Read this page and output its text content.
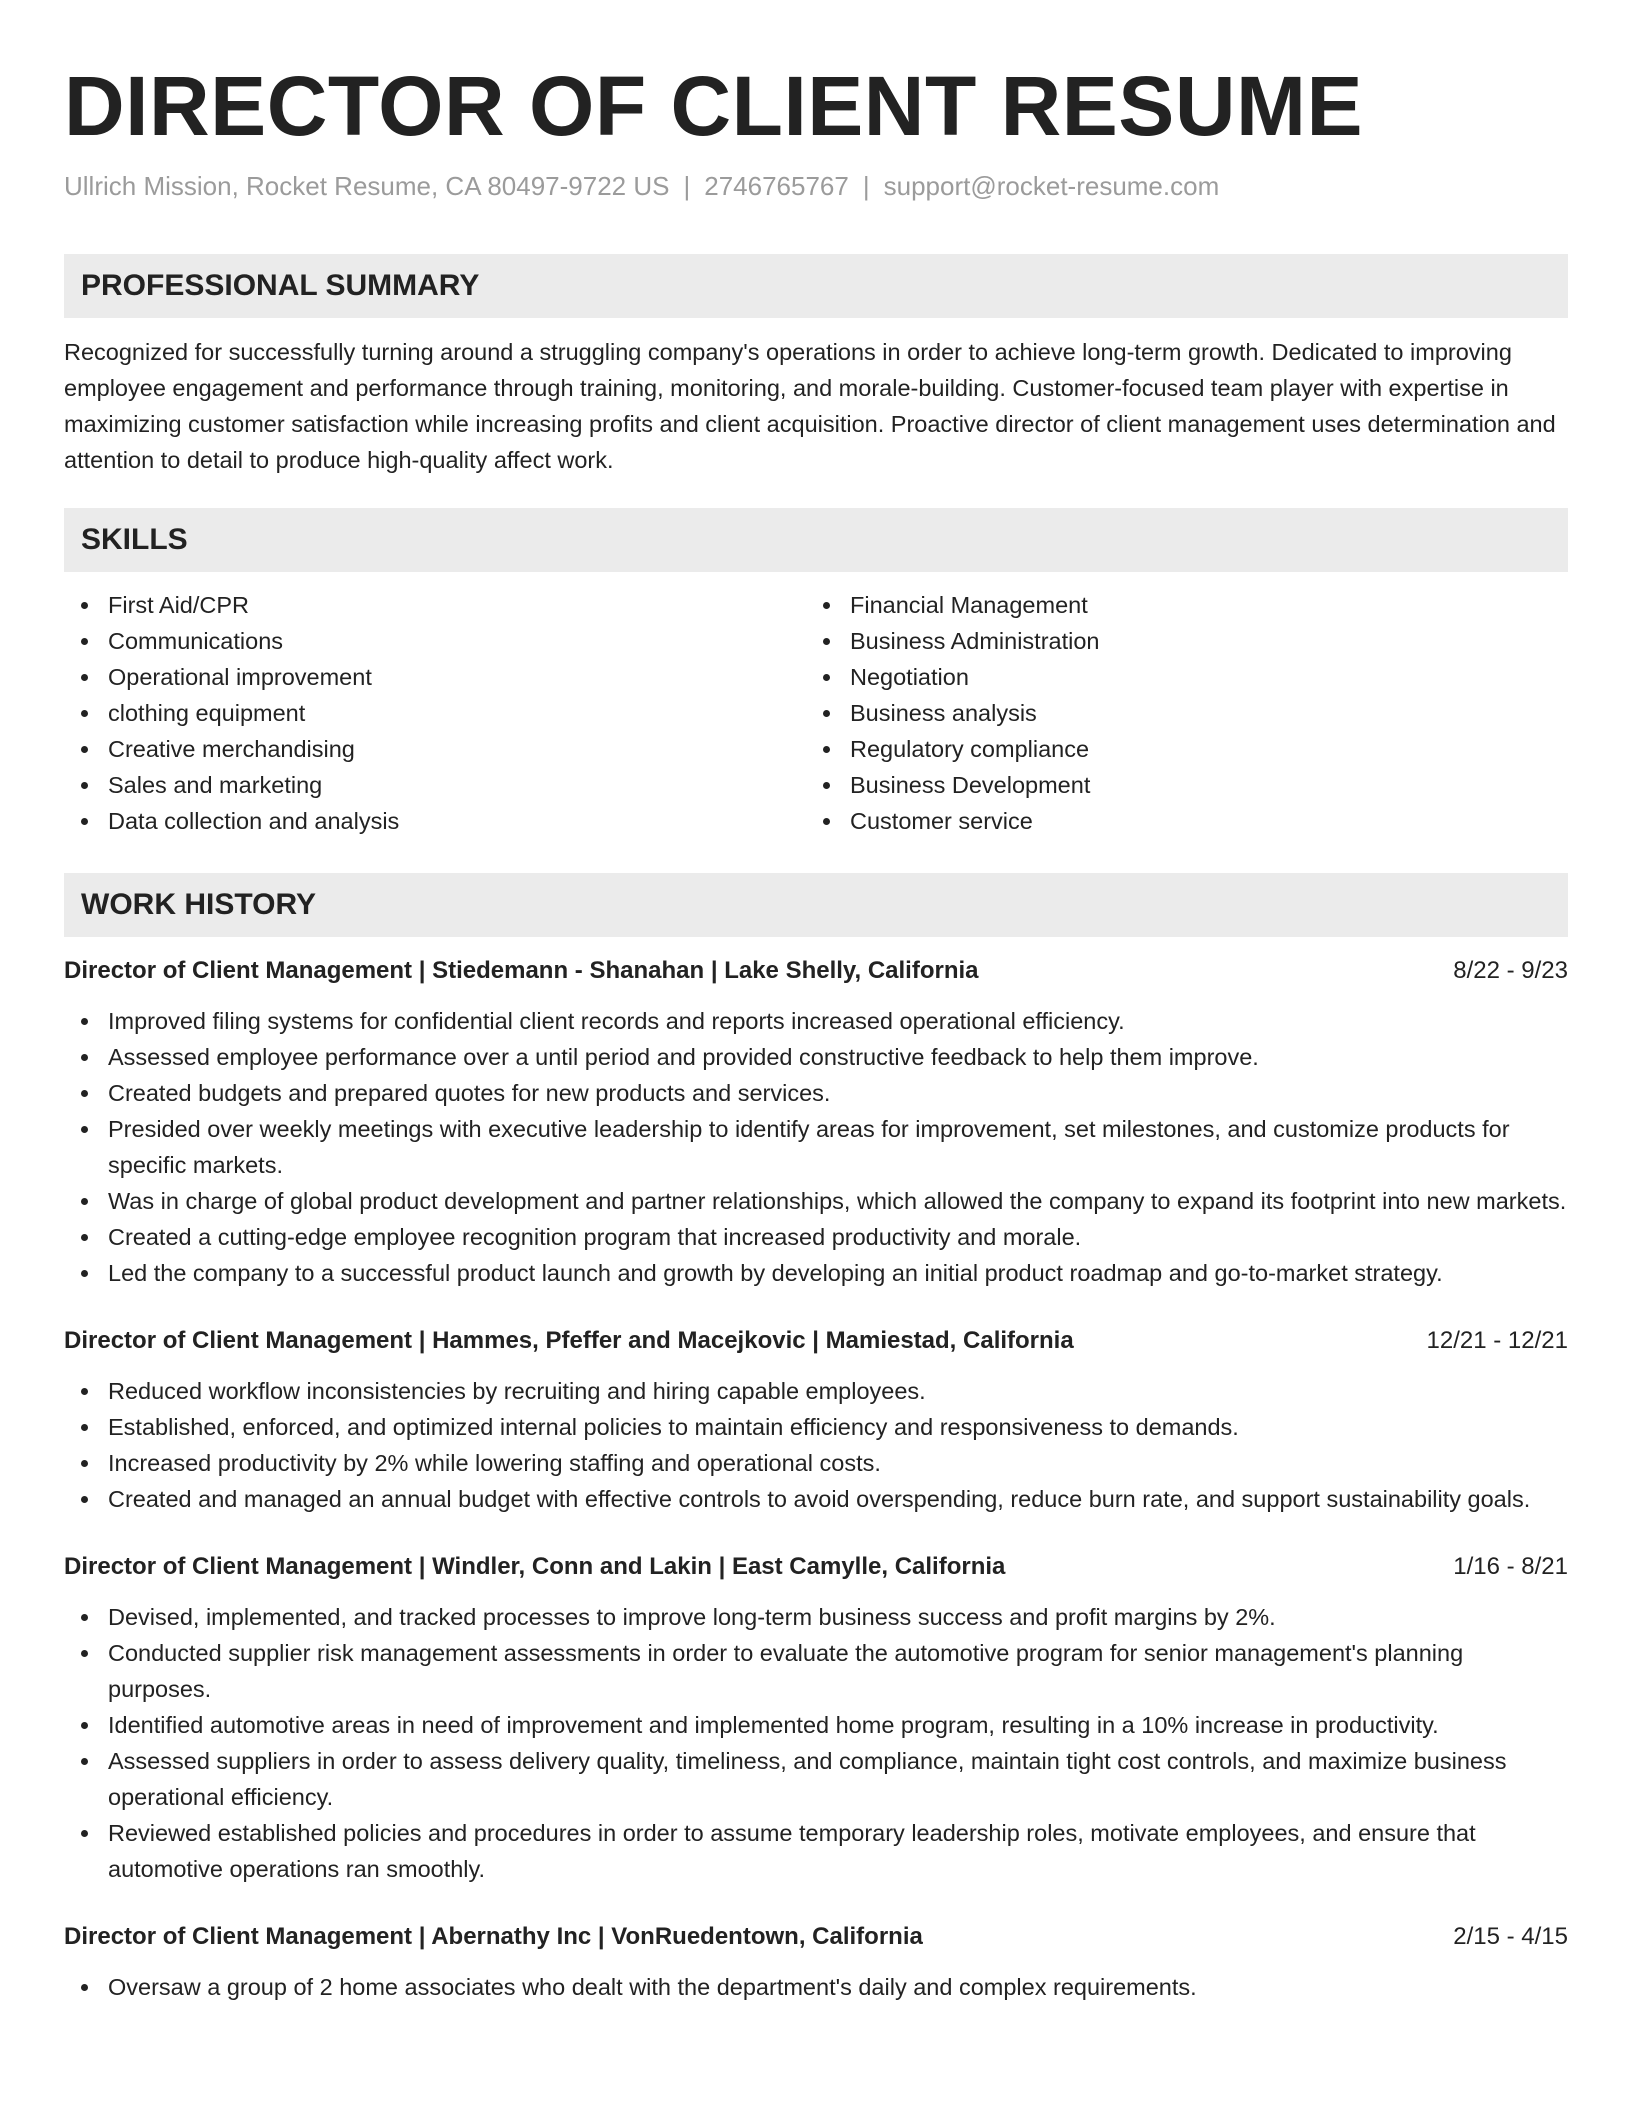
DIRECTOR OF CLIENT RESUME
Ullrich Mission, Rocket Resume, CA 80497-9722 US | 2746765767 | support@rocket-resume.com
PROFESSIONAL SUMMARY

Recognized for successfully turning around a struggling company's operations in order to achieve long-term growth. Dedicated to improving employee engagement and performance through training, monitoring, and morale-building. Customer-focused team player with expertise in maximizing customer satisfaction while increasing profits and client acquisition. Proactive director of client management uses determination and attention to detail to produce high-quality affect work.

SKILLS
First Aid/CPR
Communications
Operational improvement
clothing equipment
Creative merchandising
Sales and marketing
Data collection and analysis
Financial Management
Business Administration
Negotiation
Business analysis
Regulatory compliance
Business Development
Customer service
WORK HISTORY
Director of Client Management | Stiedemann - Shanahan | Lake Shelly, California	8/22 - 9/23
Improved filing systems for confidential client records and reports increased operational efficiency.
Assessed employee performance over a until period and provided constructive feedback to help them improve.
Created budgets and prepared quotes for new products and services.
Presided over weekly meetings with executive leadership to identify areas for improvement, set milestones, and customize products for specific markets.
Was in charge of global product development and partner relationships, which allowed the company to expand its footprint into new markets.
Created a cutting-edge employee recognition program that increased productivity and morale.
Led the company to a successful product launch and growth by developing an initial product roadmap and go-to-market strategy.
Director of Client Management | Hammes, Pfeffer and Macejkovic | Mamiestad, California	12/21 - 12/21
Reduced workflow inconsistencies by recruiting and hiring capable employees.
Established, enforced, and optimized internal policies to maintain efficiency and responsiveness to demands.
Increased productivity by 2% while lowering staffing and operational costs.
Created and managed an annual budget with effective controls to avoid overspending, reduce burn rate, and support sustainability goals.
Director of Client Management | Windler, Conn and Lakin | East Camylle, California	1/16 - 8/21
Devised, implemented, and tracked processes to improve long-term business success and profit margins by 2%.
Conducted supplier risk management assessments in order to evaluate the automotive program for senior management's planning purposes.
Identified automotive areas in need of improvement and implemented home program, resulting in a 10% increase in productivity.
Assessed suppliers in order to assess delivery quality, timeliness, and compliance, maintain tight cost controls, and maximize business operational efficiency.
Reviewed established policies and procedures in order to assume temporary leadership roles, motivate employees, and ensure that automotive operations ran smoothly.
Director of Client Management | Abernathy Inc | VonRuedentown, California	2/15 - 4/15
Oversaw a group of 2 home associates who dealt with the department's daily and complex requirements.
